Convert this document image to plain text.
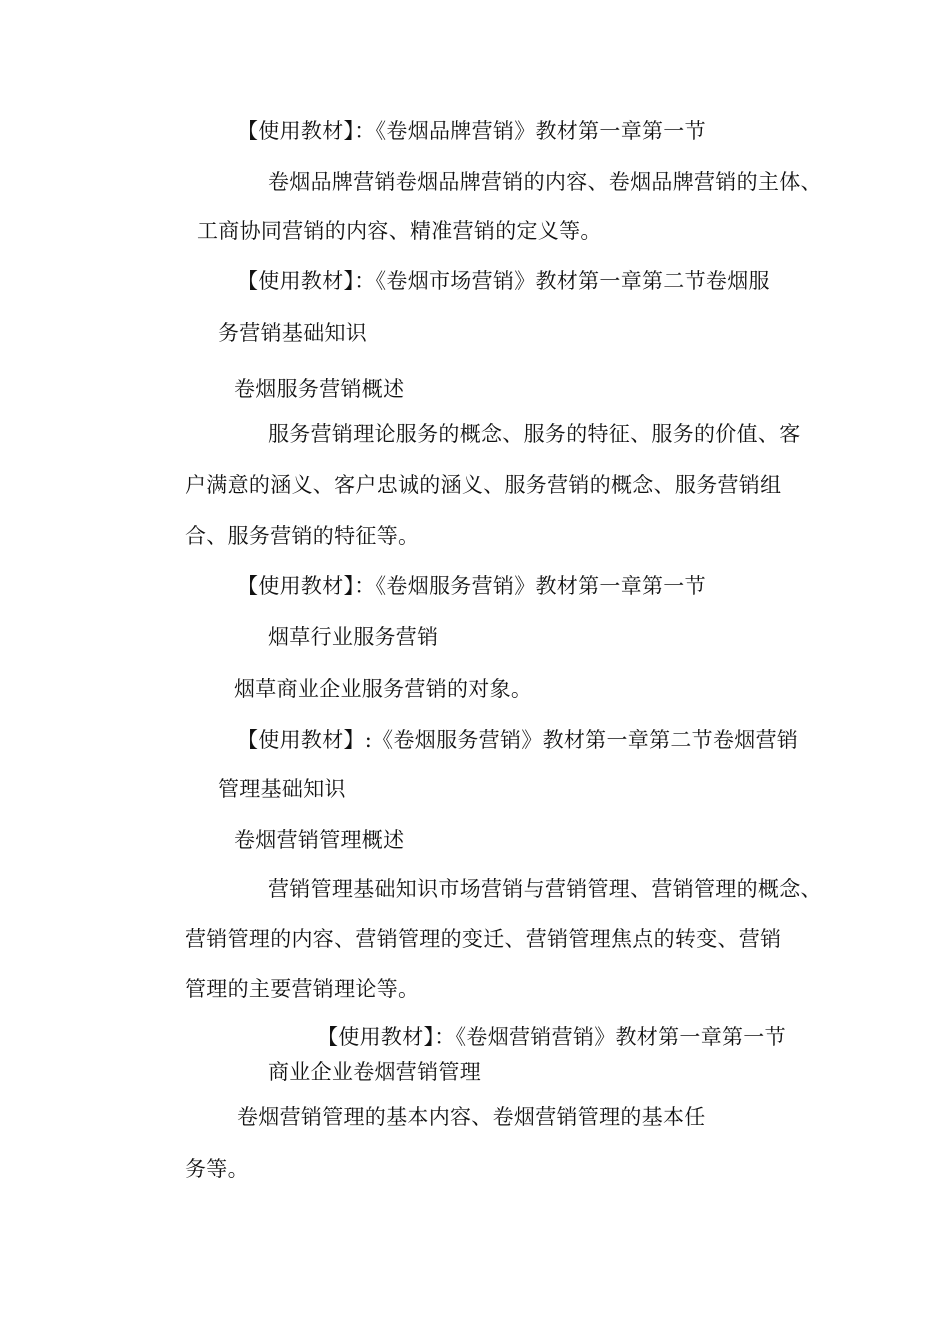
【使用教材】：《卷烟品牌营销》教材第一章第一节
卷烟品牌营销卷烟品牌营销的内容、卷烟品牌营销的主体、
工商协同营销的内容、精准营销的定义等。
【使用教材】：《卷烟市场营销》教材第一章第二节卷烟服
务营销基础知识
卷烟服务营销概述
服务营销理论服务的概念、服务的特征、服务的价值、客
户满意的涵义、客户忠诚的涵义、服务营销的概念、服务营销组
合、服务营销的特征等。
【使用教材】：《卷烟服务营销》教材第一章第一节
烟草行业服务营销
烟草商业企业服务营销的对象。
【使用教材】:《卷烟服务营销》教材第一章第二节卷烟营销
管理基础知识
卷烟营销管理概述
营销管理基础知识市场营销与营销管理、营销管理的概念、
营销管理的内容、营销管理的变迁、营销管理焦点的转变、营销
管理的主要营销理论等。
【使用教材】：《卷烟营销营销》教材第一章第一节
商业企业卷烟营销管理
卷烟营销管理的基本内容、卷烟营销管理的基本任
务等。
